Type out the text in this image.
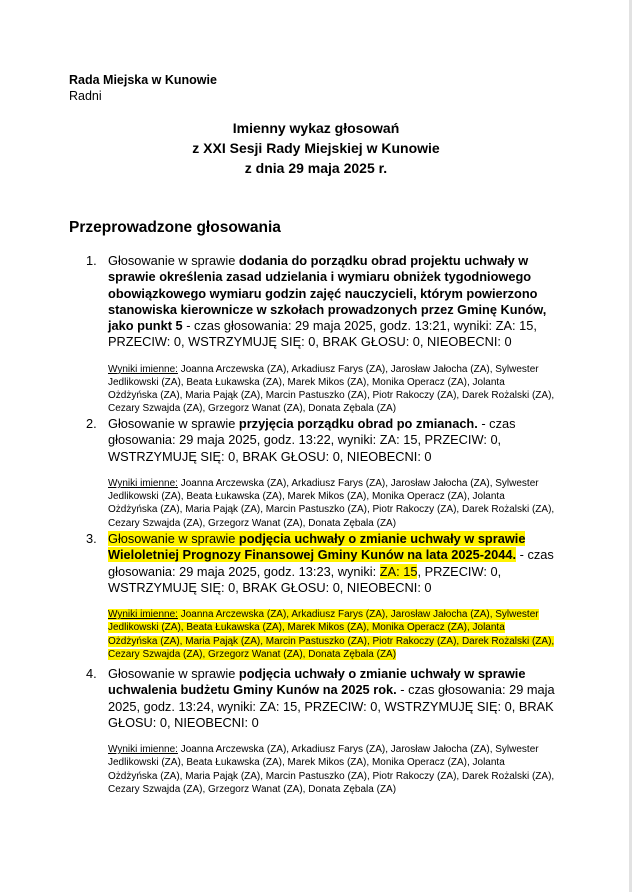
Rada Miejska w Kunowie
Radni
Imienny wykaz głosowań
z XXI Sesji Rady Miejskiej w Kunowie
z dnia 29 maja 2025 r.
Przeprowadzone głosowania
1. Głosowanie w sprawie dodania do porządku obrad projektu uchwały w sprawie określenia zasad udzielania i wymiaru obniżek tygodniowego obowiązkowego wymiaru godzin zajęć nauczycieli, którym powierzono stanowiska kierownicze w szkołach prowadzonych przez Gminę Kunów, jako punkt 5 - czas głosowania: 29 maja 2025, godz. 13:21, wyniki: ZA: 15, PRZECIW: 0, WSTRZYMUJĘ SIĘ: 0, BRAK GŁOSU: 0, NIEOBECNI: 0
Wyniki imienne: Joanna Arczewska (ZA), Arkadiusz Farys (ZA), Jarosław Jałocha (ZA), Sylwester Jedlikowski (ZA), Beata Łukawska (ZA), Marek Mikos (ZA), Monika Operacz (ZA), Jolanta Ożdżyńska (ZA), Maria Pająk (ZA), Marcin Pastuszko (ZA), Piotr Rakoczy (ZA), Darek Rożalski (ZA), Cezary Szwajda (ZA), Grzegorz Wanat (ZA), Donata Zębala (ZA)
2. Głosowanie w sprawie przyjęcia porządku obrad po zmianach. - czas głosowania: 29 maja 2025, godz. 13:22, wyniki: ZA: 15, PRZECIW: 0, WSTRZYMUJĘ SIĘ: 0, BRAK GŁOSU: 0, NIEOBECNI: 0
Wyniki imienne: Joanna Arczewska (ZA), Arkadiusz Farys (ZA), Jarosław Jałocha (ZA), Sylwester Jedlikowski (ZA), Beata Łukawska (ZA), Marek Mikos (ZA), Monika Operacz (ZA), Jolanta Ożdżyńska (ZA), Maria Pająk (ZA), Marcin Pastuszko (ZA), Piotr Rakoczy (ZA), Darek Rożalski (ZA), Cezary Szwajda (ZA), Grzegorz Wanat (ZA), Donata Zębala (ZA)
3. Głosowanie w sprawie podjęcia uchwały o zmianie uchwały w sprawie Wieloletniej Prognozy Finansowej Gminy Kunów na lata 2025-2044. - czas głosowania: 29 maja 2025, godz. 13:23, wyniki: ZA: 15, PRZECIW: 0, WSTRZYMUJĘ SIĘ: 0, BRAK GŁOSU: 0, NIEOBECNI: 0
Wyniki imienne: Joanna Arczewska (ZA), Arkadiusz Farys (ZA), Jarosław Jałocha (ZA), Sylwester Jedlikowski (ZA), Beata Łukawska (ZA), Marek Mikos (ZA), Monika Operacz (ZA), Jolanta Ożdżyńska (ZA), Maria Pająk (ZA), Marcin Pastuszko (ZA), Piotr Rakoczy (ZA), Darek Rożalski (ZA), Cezary Szwajda (ZA), Grzegorz Wanat (ZA), Donata Zębala (ZA)
4. Głosowanie w sprawie podjęcia uchwały o zmianie uchwały w sprawie uchwalenia budżetu Gminy Kunów na 2025 rok. - czas głosowania: 29 maja 2025, godz. 13:24, wyniki: ZA: 15, PRZECIW: 0, WSTRZYMUJĘ SIĘ: 0, BRAK GŁOSU: 0, NIEOBECNI: 0
Wyniki imienne: Joanna Arczewska (ZA), Arkadiusz Farys (ZA), Jarosław Jałocha (ZA), Sylwester Jedlikowski (ZA), Beata Łukawska (ZA), Marek Mikos (ZA), Monika Operacz (ZA), Jolanta Ożdżyńska (ZA), Maria Pająk (ZA), Marcin Pastuszko (ZA), Piotr Rakoczy (ZA), Darek Rożalski (ZA), Cezary Szwajda (ZA), Grzegorz Wanat (ZA), Donata Zębala (ZA)
